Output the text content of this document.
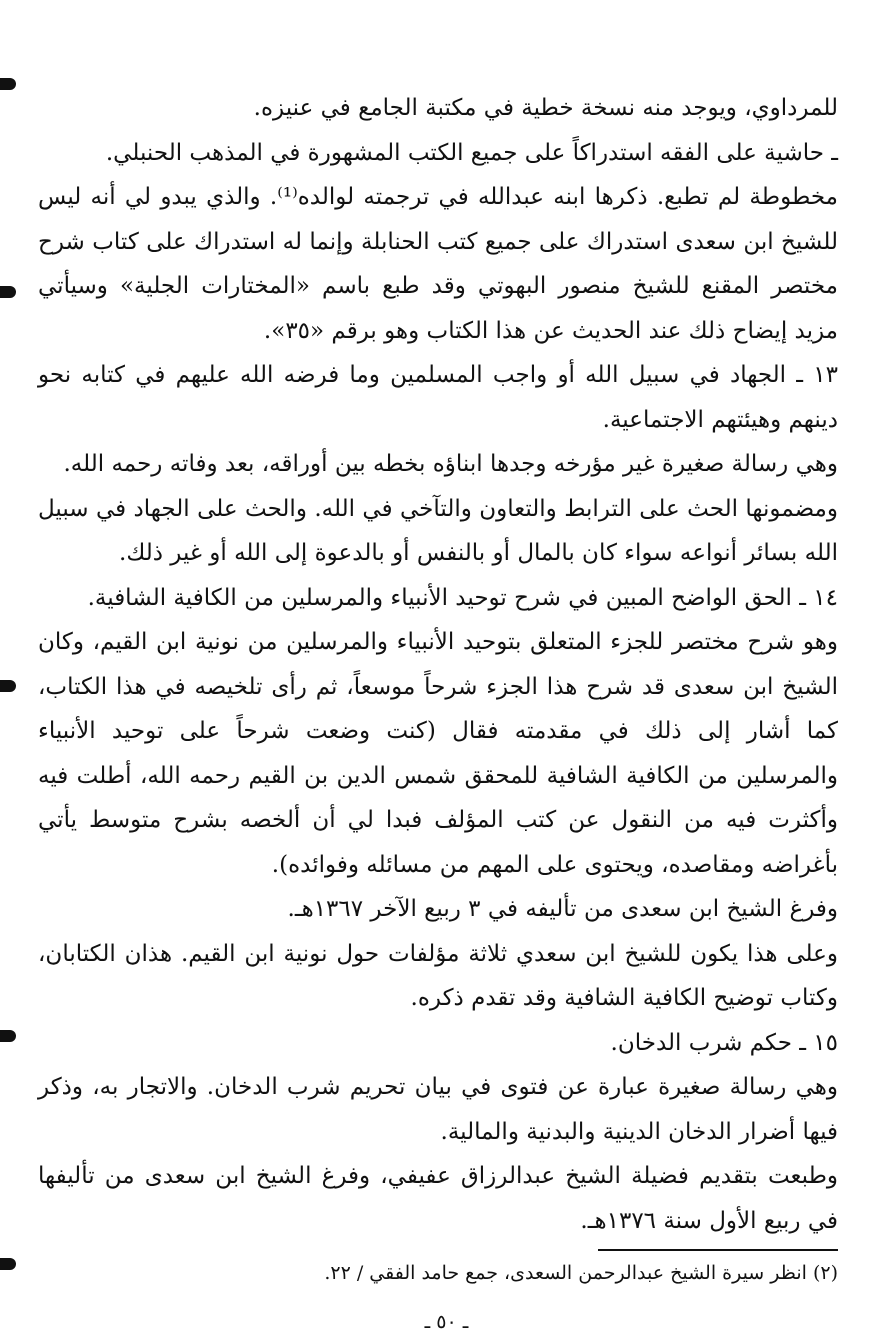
للمرداوي، ويوجد منه نسخة خطية في مكتبة الجامع في عنيزه.

ـ حاشية على الفقه استدراكاً على جميع الكتب المشهورة في المذهب الحنبلي.

مخطوطة لم تطبع. ذكرها ابنه عبدالله في ترجمته لوالده⁽¹⁾. والذي يبدو لي أنه ليس للشيخ ابن سعدى استدراك على جميع كتب الحنابلة وإنما له استدراك على كتاب شرح مختصر المقنع للشيخ منصور البهوتي وقد طبع باسم «المختارات الجلية» وسيأتي مزيد إيضاح ذلك عند الحديث عن هذا الكتاب وهو برقم «٣٥».

١٣ ـ الجهاد في سبيل الله أو واجب المسلمين وما فرضه الله عليهم في كتابه نحو دينهم وهيئتهم الاجتماعية.

وهي رسالة صغيرة غير مؤرخه وجدها ابناؤه بخطه بين أوراقه، بعد وفاته رحمه الله.

ومضمونها الحث على الترابط والتعاون والتآخي في الله. والحث على الجهاد في سبيل الله بسائر أنواعه سواء كان بالمال أو بالنفس أو بالدعوة إلى الله أو غير ذلك.

١٤ ـ الحق الواضح المبين في شرح توحيد الأنبياء والمرسلين من الكافية الشافية.

وهو شرح مختصر للجزء المتعلق بتوحيد الأنبياء والمرسلين من نونية ابن القيم، وكان الشيخ ابن سعدى قد شرح هذا الجزء شرحاً موسعاً، ثم رأى تلخيصه في هذا الكتاب، كما أشار إلى ذلك في مقدمته فقال (كنت وضعت شرحاً على توحيد الأنبياء والمرسلين من الكافية الشافية للمحقق شمس الدين بن القيم رحمه الله، أطلت فيه وأكثرت فيه من النقول عن كتب المؤلف فبدا لي أن ألخصه بشرح متوسط يأتي بأغراضه ومقاصده، ويحتوى على المهم من مسائله وفوائده).

وفرغ الشيخ ابن سعدى من تأليفه في ٣ ربيع الآخر ١٣٦٧هـ.

وعلى هذا يكون للشيخ ابن سعدي ثلاثة مؤلفات حول نونية ابن القيم. هذان الكتابان، وكتاب توضيح الكافية الشافية وقد تقدم ذكره.

١٥ ـ حكم شرب الدخان.

وهي رسالة صغيرة عبارة عن فتوى في بيان تحريم شرب الدخان. والاتجار به، وذكر فيها أضرار الدخان الدينية والبدنية والمالية.

وطبعت بتقديم فضيلة الشيخ عبدالرزاق عفيفي، وفرغ الشيخ ابن سعدى من تأليفها في ربيع الأول سنة ١٣٧٦هـ.

(٢) انظر سيرة الشيخ عبدالرحمن السعدى، جمع حامد الفقي / ٢٢.
ـ ٥٠ ـ
